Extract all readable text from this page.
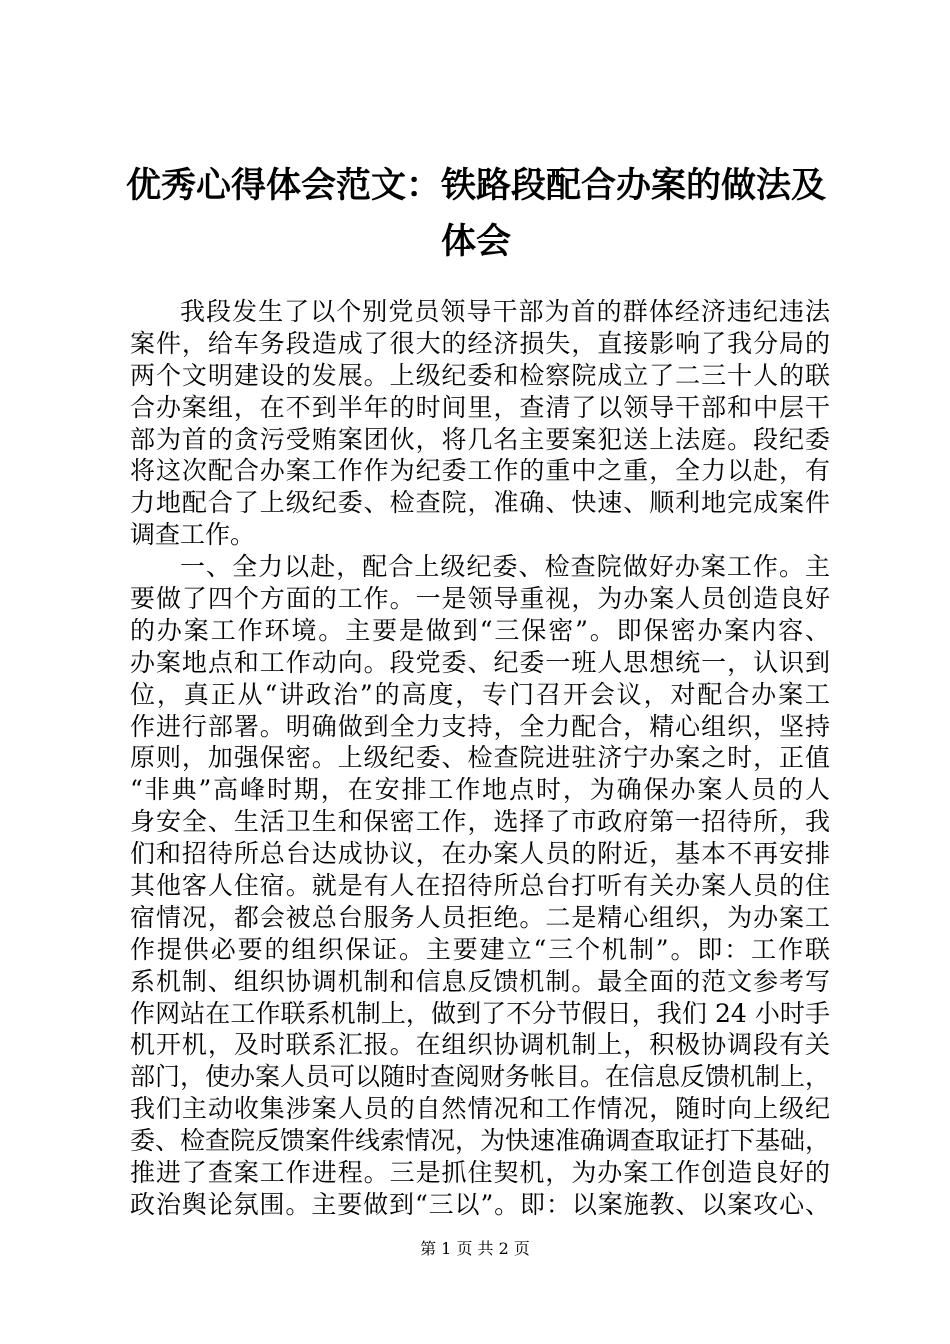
优秀心得体会范文：铁路段配合办案的做法及
体会

我段发生了以个别党员领导干部为首的群体经济违纪违法
案件，给车务段造成了很大的经济损失，直接影响了我分局的
两个文明建设的发展。上级纪委和检察院成立了二三十人的联
合办案组，在不到半年的时间里，查清了以领导干部和中层干
部为首的贪污受贿案团伙，将几名主要案犯送上法庭。段纪委
将这次配合办案工作作为纪委工作的重中之重，全力以赴，有
力地配合了上级纪委、检查院，准确、快速、顺利地完成案件
调查工作。

一、全力以赴，配合上级纪委、检查院做好办案工作。主
要做了四个方面的工作。一是领导重视，为办案人员创造良好
的办案工作环境。主要是做到“三保密”。即保密办案内容、
办案地点和工作动向。段党委、纪委一班人思想统一，认识到
位，真正从“讲政治”的高度，专门召开会议，对配合办案工
作进行部署。明确做到全力支持，全力配合，精心组织，坚持
原则，加强保密。上级纪委、检查院进驻济宁办案之时，正值
“非典”高峰时期，在安排工作地点时，为确保办案人员的人
身安全、生活卫生和保密工作，选择了市政府第一招待所，我
们和招待所总台达成协议，在办案人员的附近，基本不再安排
其他客人住宿。就是有人在招待所总台打听有关办案人员的住
宿情况，都会被总台服务人员拒绝。二是精心组织，为办案工
作提供必要的组织保证。主要建立“三个机制”。即：工作联
系机制、组织协调机制和信息反馈机制。最全面的范文参考写
作网站在工作联系机制上，做到了不分节假日，我们 24 小时手
机开机，及时联系汇报。在组织协调机制上，积极协调段有关
部门，使办案人员可以随时查阅财务帐目。在信息反馈机制上，
我们主动收集涉案人员的自然情况和工作情况，随时向上级纪
委、检查院反馈案件线索情况，为快速准确调查取证打下基础，
推进了查案工作进程。三是抓住契机，为办案工作创造良好的
政治舆论氛围。主要做到“三以”。即：以案施教、以案攻心、

第 1 页 共 2 页
